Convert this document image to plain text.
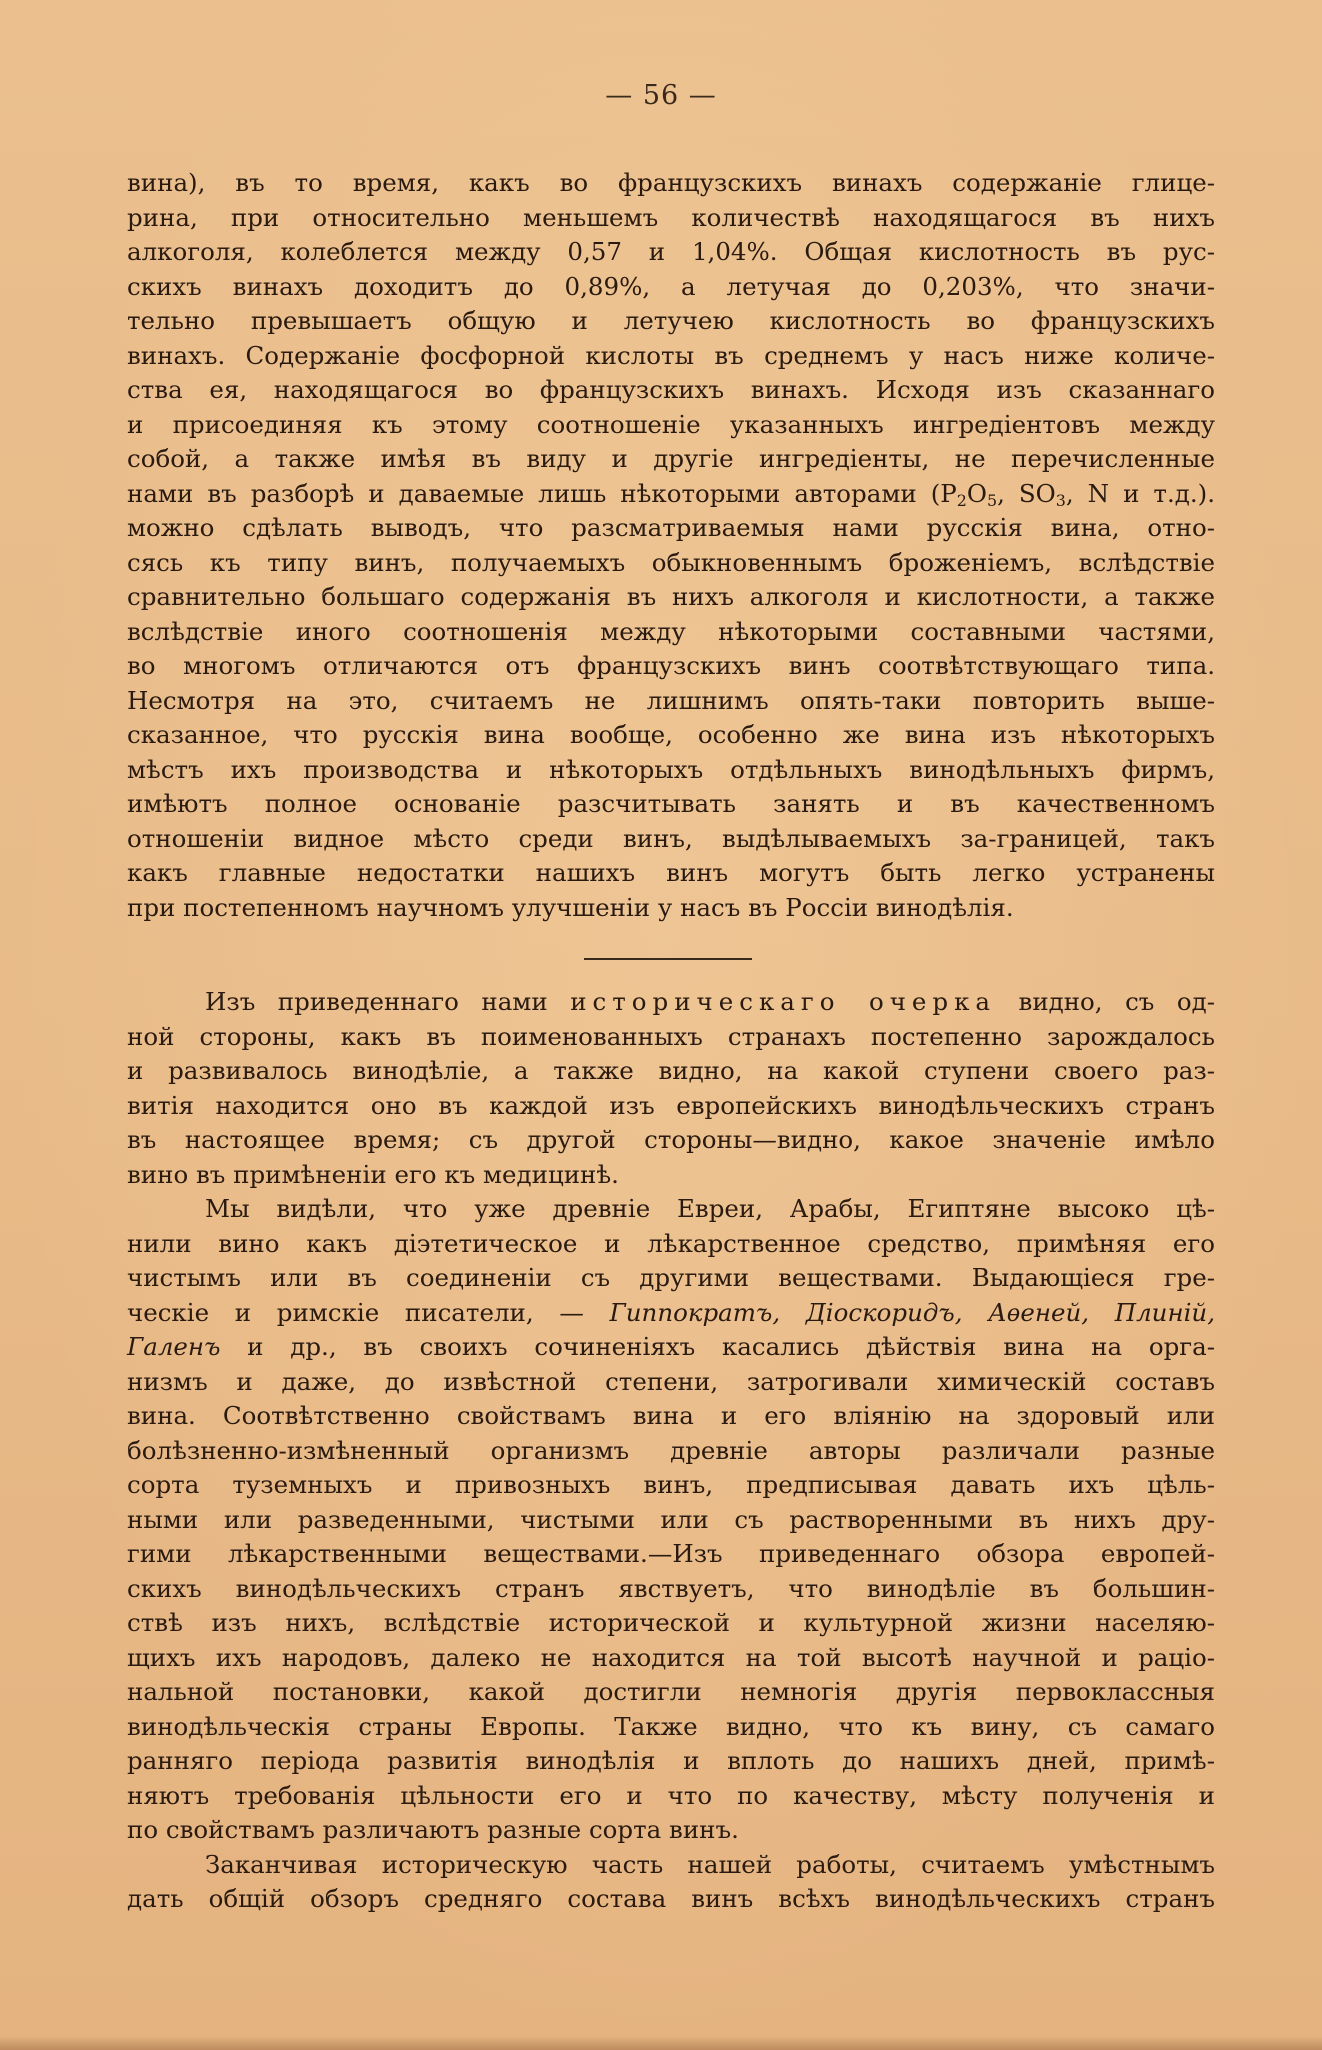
— 56 —
вина), въ то время, какъ во французскихъ винахъ содержаніе глице-
рина, при относительно меньшемъ количествѣ находящагося въ нихъ
алкоголя, колеблется между 0,57 и 1,04%. Общая кислотность въ рус-
скихъ винахъ доходитъ до 0,89%, а летучая до 0,203%, что значи-
тельно превышаетъ общую и летучею кислотность во французскихъ
винахъ. Содержаніе фосфорной кислоты въ среднемъ у насъ ниже количе-
ства ея, находящагося во французскихъ винахъ. Исходя изъ сказаннаго
и присоединяя къ этому соотношеніе указанныхъ ингредіентовъ между
собой, а также имѣя въ виду и другіе ингредіенты, не перечисленные
нами въ разборѣ и даваемые лишь нѣкоторыми авторами ($P_2O_5$, $SO_3$, N и т.д.).
можно сдѣлать выводъ, что разсматриваемыя нами русскія вина, отно-
сясь къ типу винъ, получаемыхъ обыкновеннымъ броженіемъ, вслѣдствіе
сравнительно большаго содержанія въ нихъ алкоголя и кислотности, а также
вслѣдствіе иного соотношенія между нѣкоторыми составными частями,
во многомъ отличаются отъ французскихъ винъ соотвѣтствующаго типа.
Несмотря на это, считаемъ не лишнимъ опять-таки повторить выше-
сказанное, что русскія вина вообще, особенно же вина изъ нѣкоторыхъ
мѣстъ ихъ производства и нѣкоторыхъ отдѣльныхъ винодѣльныхъ фирмъ,
имѣютъ полное основаніе разсчитывать занять и въ качественномъ
отношеніи видное мѣсто среди винъ, выдѣлываемыхъ за-границей, такъ
какъ главные недостатки нашихъ винъ могутъ быть легко устранены
при постепенномъ научномъ улучшеніи у насъ въ Россіи винодѣлія.
Изъ приведеннаго нами историческаго очерка видно, съ од-
ной стороны, какъ въ поименованныхъ странахъ постепенно зарождалось
и развивалось винодѣліе, а также видно, на какой ступени своего раз-
витія находится оно въ каждой изъ европейскихъ винодѣльческихъ странъ
въ настоящее время; съ другой стороны—видно, какое значеніе имѣло
вино въ примѣненіи его къ медицинѣ.
Мы видѣли, что уже древніе Евреи, Арабы, Египтяне высоко цѣ-
нили вино какъ діэтетическое и лѣкарственное средство, примѣняя его
чистымъ или въ соединеніи съ другими веществами. Выдающіеся гре-
ческіе и римскіе писатели, — Гиппократъ, Діоскоридъ, Аѳеней, Плиній,
Галенъ и др., въ своихъ сочиненіяхъ касались дѣйствія вина на орга-
низмъ и даже, до извѣстной степени, затрогивали химическій составъ
вина. Соотвѣтственно свойствамъ вина и его вліянію на здоровый или
болѣзненно-измѣненный организмъ древніе авторы различали разные
сорта туземныхъ и привозныхъ винъ, предписывая давать ихъ цѣль-
ными или разведенными, чистыми или съ растворенными въ нихъ дру-
гими лѣкарственными веществами.—Изъ приведеннаго обзора европей-
скихъ винодѣльческихъ странъ явствуетъ, что винодѣліе въ большин-
ствѣ изъ нихъ, вслѣдствіе исторической и культурной жизни населяю-
щихъ ихъ народовъ, далеко не находится на той высотѣ научной и раціо-
нальной постановки, какой достигли немногія другія первоклассныя
винодѣльческія страны Европы. Также видно, что къ вину, съ самаго
ранняго періода развитія винодѣлія и вплоть до нашихъ дней, примѣ-
няютъ требованія цѣльности его и что по качеству, мѣсту полученія и
по свойствамъ различаютъ разные сорта винъ.
Заканчивая историческую часть нашей работы, считаемъ умѣстнымъ
дать общій обзоръ средняго состава винъ всѣхъ винодѣльческихъ странъ
